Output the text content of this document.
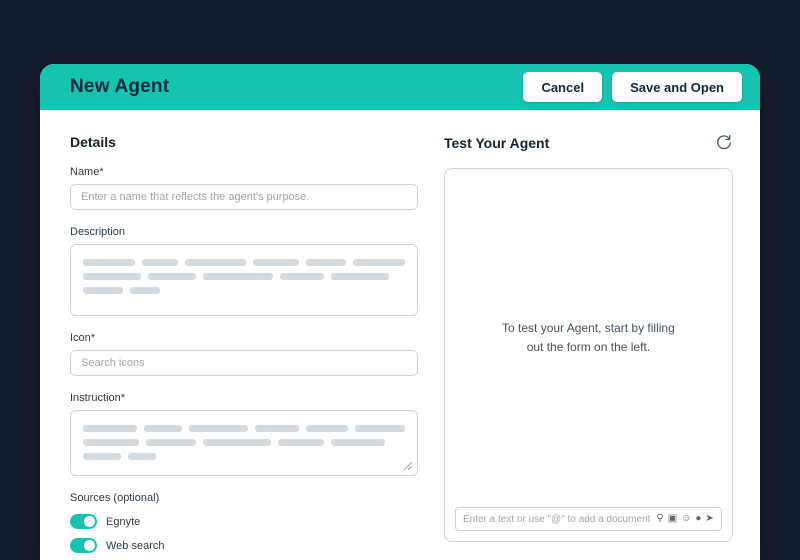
New Agent	Cancel	Save and Open
Details
Name*
Enter a name that reflects the agent's purpose.
Description
Icon*
Search icons
Instruction*
Sources (optional)
Egnyte
Web search
Test Your Agent
To test your Agent, start by filling
out the form on the left.
Enter a text or use "@" to add a document ⚲ ▣ ☺ ● ➤
